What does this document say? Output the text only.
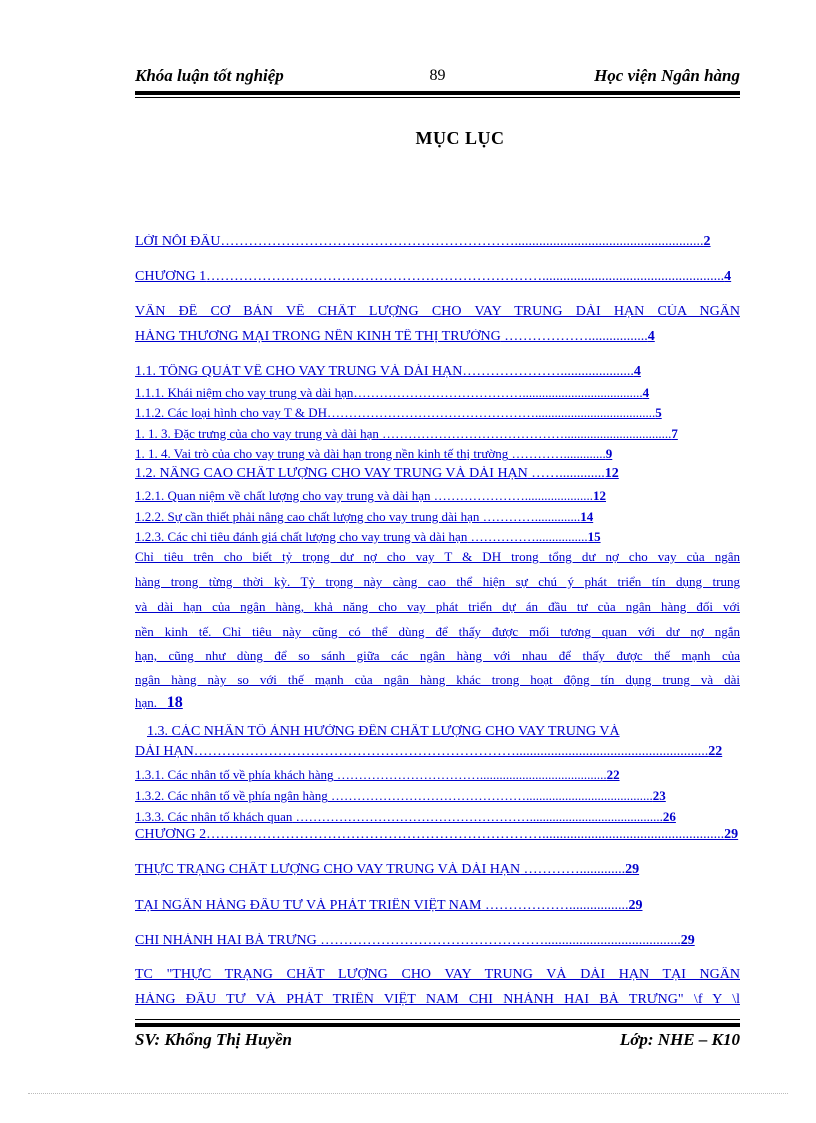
Khóa luận tốt nghiệp	89	Học viện Ngân hàng
MỤC LỤC
LỜI NỖI ĐẦU………………………………………………………......................................................2
CHƯƠNG 1………………………………………………………………....................................................4
VẤN ĐỀ CƠ BẢN VỀ CHẤT LƯỢNG CHO VAY TRUNG DÀI HẠN CỦA NGÂN
HÀNG THƯƠNG MẠI TRONG NỀN KINH TẾ THỊ TRƯỜNG ……………….................4
1.1. TỔNG QUÁT VỀ CHO VAY TRUNG VÀ DÀI HẠN………………….....................4
1.1.1. Khái niệm cho vay trung và dài hạn………………………………….....................................4
1.1.2. Các loại hình cho vay T & DH………………………………………….....................................5
1. 1. 3. Đặc trưng của cho vay trung và dài hạn …………………………………….................................7
1. 1. 4. Vai trò của cho vay trung và dài hạn trong nền kinh tế thị trường ………….............9
1.2. NÂNG CAO CHẤT LƯỢNG CHO VAY TRUNG VÀ DÀI HẠN …….............12
1.2.1. Quan niệm về chất lượng cho vay trung và dài hạn ………………….....................12
1.2.2. Sự cần thiết phải nâng cao chất lượng cho vay trung dài hạn …………..............14
1.2.3. Các chỉ tiêu đánh giá chất lượng cho vay trung và dài hạn ……………................15
Chỉ tiêu trên cho biết tỷ trọng dư nợ cho vay T & DH trong tổng dư nợ cho vay của ngân
hàng trong từng thời kỳ. Tỷ trọng này càng cao thể hiện sự chú ý phát triển tín dụng trung
và dài hạn của ngân hàng, khả năng cho vay phát triển dự án đầu tư của ngân hàng đối với
nền kinh tế. Chỉ tiêu này cũng có thể dùng để thấy được mối tương quan với dư nợ ngắn
hạn, cũng như dùng để so sánh giữa các ngân hàng với nhau để thấy được thế mạnh của
ngân hàng này so với thế mạnh của ngân hàng khác trong hoạt động tín dụng trung và dài
hạn. 18
1.3. CÁC NHÂN TỐ ẢNH HƯỞNG ĐẾN CHẤT LƯỢNG CHO VAY TRUNG VÀ
DÀI HẠN…………………………………………………………….......................................................22
1.3.1. Các nhân tố về phía khách hàng …………………………….......................................22
1.3.2. Các nhân tố về phía ngân hàng ……………………………………….......................................23
1.3.3. Các nhân tố khách quan ……………………………………………….........................................26
CHƯƠNG 2………………………………………………………………....................................................29
THỰC TRẠNG CHẤT LƯỢNG CHO VAY TRUNG VÀ DÀI HẠN ………….............29
TẠI NGÂN HÀNG ĐẦU TƯ VÀ PHÁT TRIỂN VIỆT NAM ……………….................29
CHI NHÁNH HAI BÀ TRƯNG ………………………………………….......................................29
TC "THỰC TRẠNG CHẤT LƯỢNG CHO VAY TRUNG VÀ DÀI HẠN TẠI NGÂN
HÀNG ĐẦU TƯ VÀ PHÁT TRIỂN VIỆT NAM CHI NHÁNH HAI BÀ TRƯNG" \f Y \l
SV: Khổng Thị Huyền	Lớp: NHE – K10
